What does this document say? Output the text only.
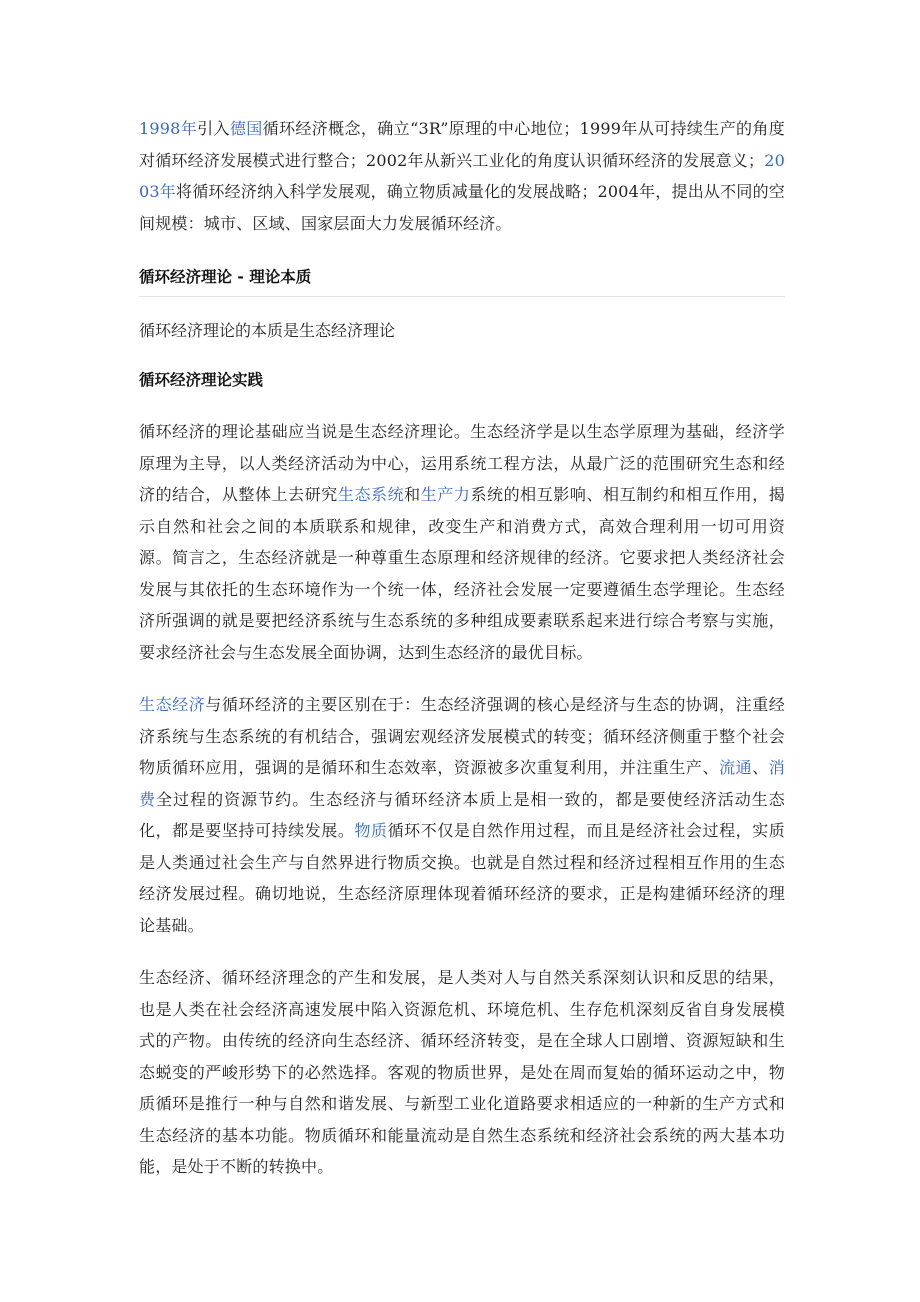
1998年引入德国循环经济概念，确立“3R”原理的中心地位；1999年从可持续生产的角度对循环经济发展模式进行整合；2002年从新兴工业化的角度认识循环经济的发展意义；2003年将循环经济纳入科学发展观，确立物质减量化的发展战略；2004年，提出从不同的空间规模：城市、区域、国家层面大力发展循环经济。

循环经济理论 - 理论本质

循环经济理论的本质是生态经济理论

循环经济理论实践

循环经济的理论基础应当说是生态经济理论。生态经济学是以生态学原理为基础，经济学原理为主导，以人类经济活动为中心，运用系统工程方法，从最广泛的范围研究生态和经济的结合，从整体上去研究生态系统和生产力系统的相互影响、相互制约和相互作用，揭示自然和社会之间的本质联系和规律，改变生产和消费方式，高效合理利用一切可用资源。简言之，生态经济就是一种尊重生态原理和经济规律的经济。它要求把人类经济社会发展与其依托的生态环境作为一个统一体，经济社会发展一定要遵循生态学理论。生态经济所强调的就是要把经济系统与生态系统的多种组成要素联系起来进行综合考察与实施，要求经济社会与生态发展全面协调，达到生态经济的最优目标。

生态经济与循环经济的主要区别在于：生态经济强调的核心是经济与生态的协调，注重经济系统与生态系统的有机结合，强调宏观经济发展模式的转变；循环经济侧重于整个社会物质循环应用，强调的是循环和生态效率，资源被多次重复利用，并注重生产、流通、消费全过程的资源节约。生态经济与循环经济本质上是相一致的，都是要使经济活动生态化，都是要坚持可持续发展。物质循环不仅是自然作用过程，而且是经济社会过程，实质是人类通过社会生产与自然界进行物质交换。也就是自然过程和经济过程相互作用的生态经济发展过程。确切地说，生态经济原理体现着循环经济的要求，正是构建循环经济的理论基础。

生态经济、循环经济理念的产生和发展，是人类对人与自然关系深刻认识和反思的结果，也是人类在社会经济高速发展中陷入资源危机、环境危机、生存危机深刻反省自身发展模式的产物。由传统的经济向生态经济、循环经济转变，是在全球人口剧增、资源短缺和生态蜕变的严峻形势下的必然选择。客观的物质世界，是处在周而复始的循环运动之中，物质循环是推行一种与自然和谐发展、与新型工业化道路要求相适应的一种新的生产方式和生态经济的基本功能。物质循环和能量流动是自然生态系统和经济社会系统的两大基本功能，是处于不断的转换中。
